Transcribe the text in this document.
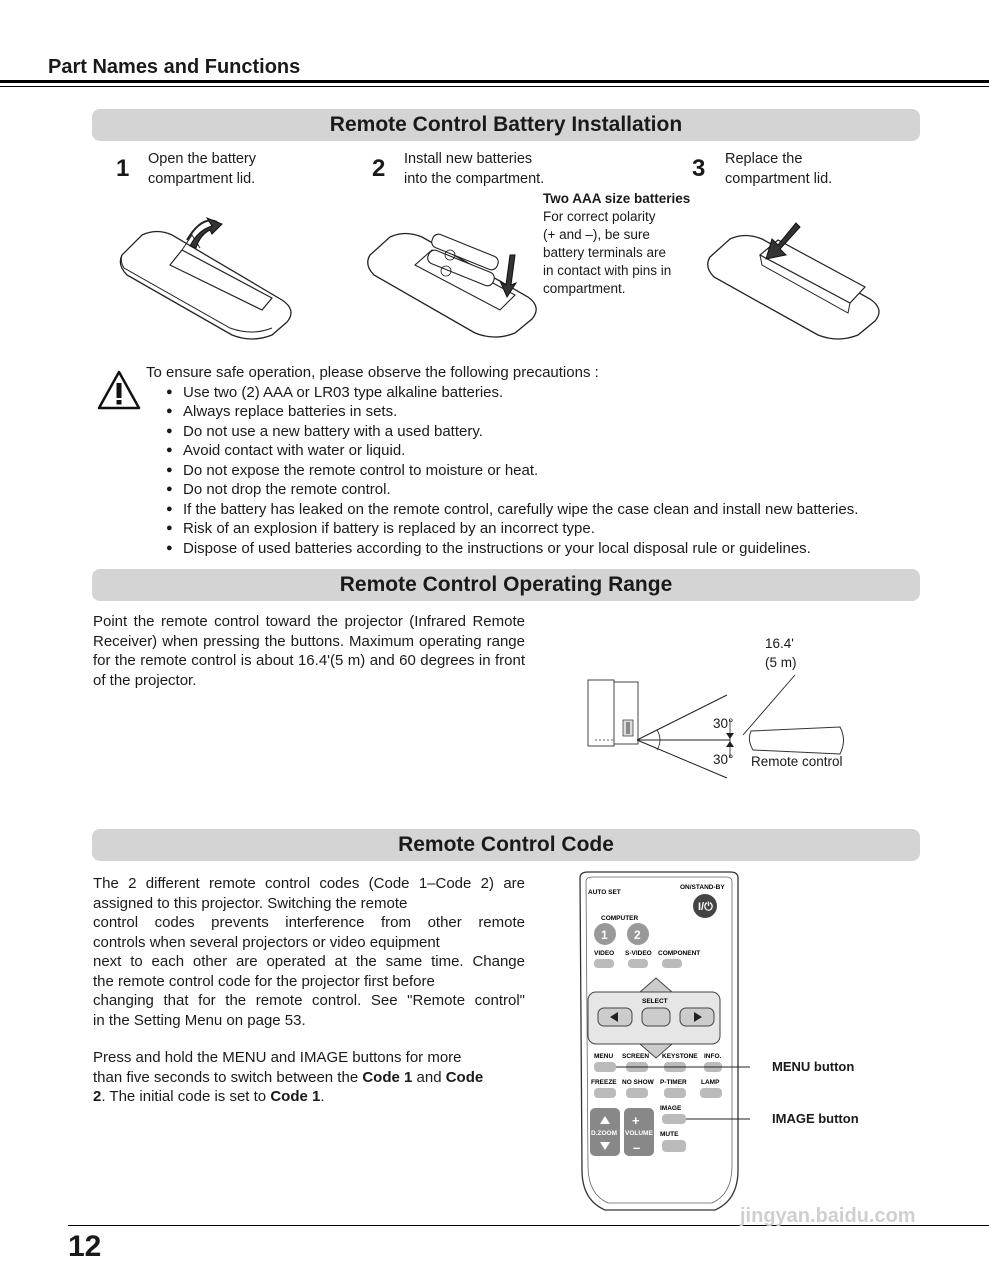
Part Names and Functions
Remote Control Battery Installation
1 Open the battery
compartment lid.	2 Install new batteries
into the compartment.	3 Replace the
compartment lid.
Two AAA size batteries
For correct polarity
(+ and –), be sure
battery terminals are
in contact with pins in
compartment.
To ensure safe operation, please observe the following precautions :
● Use two (2) AAA or LR03 type alkaline batteries.
● Always replace batteries in sets.
● Do not use a new battery with a used battery.
● Avoid contact with water or liquid.
● Do not expose the remote control to moisture or heat.
● Do not drop the remote control.
● If the battery has leaked on the remote control, carefully wipe the case clean and install new batteries.
● Risk of an explosion if battery is replaced by an incorrect type.
● Dispose of used batteries according to the instructions or your local disposal rule or guidelines.
Remote Control Operating Range
Point the remote control toward the projector (Infrared Remote Receiver) when pressing the buttons. Maximum operating range for the remote control is about 16.4'(5 m) and 60 degrees in front of the projector.
16.4'
(5 m)
30°
30° Remote control
Remote Control Code
The 2 different remote control codes (Code 1–Code 2) are
assigned to this projector. Switching the remote
control codes prevents interference from other remote
controls when several projectors or video equipment
next to each other are operated at the same time. Change
the remote control code for the projector first before
changing that for the remote control. See "Remote control"
in the Setting Menu on page 53.
Press and hold the MENU and IMAGE buttons for more
than five seconds to switch between the Code 1 and Code
2. The initial code is set to Code 1.
AUTO SET
ON/STAND-BY
I/⏻
COMPUTER
1 2
VIDEO S-VIDEO COMPONENT
SELECT
MENU SCREEN KEYSTONE INFO.
FREEZE NO SHOW P-TIMER LAMP
IMAGE
MUTE
+
–
D.ZOOM VOLUME
MENU button
IMAGE button
12
jingyan.baidu.com
